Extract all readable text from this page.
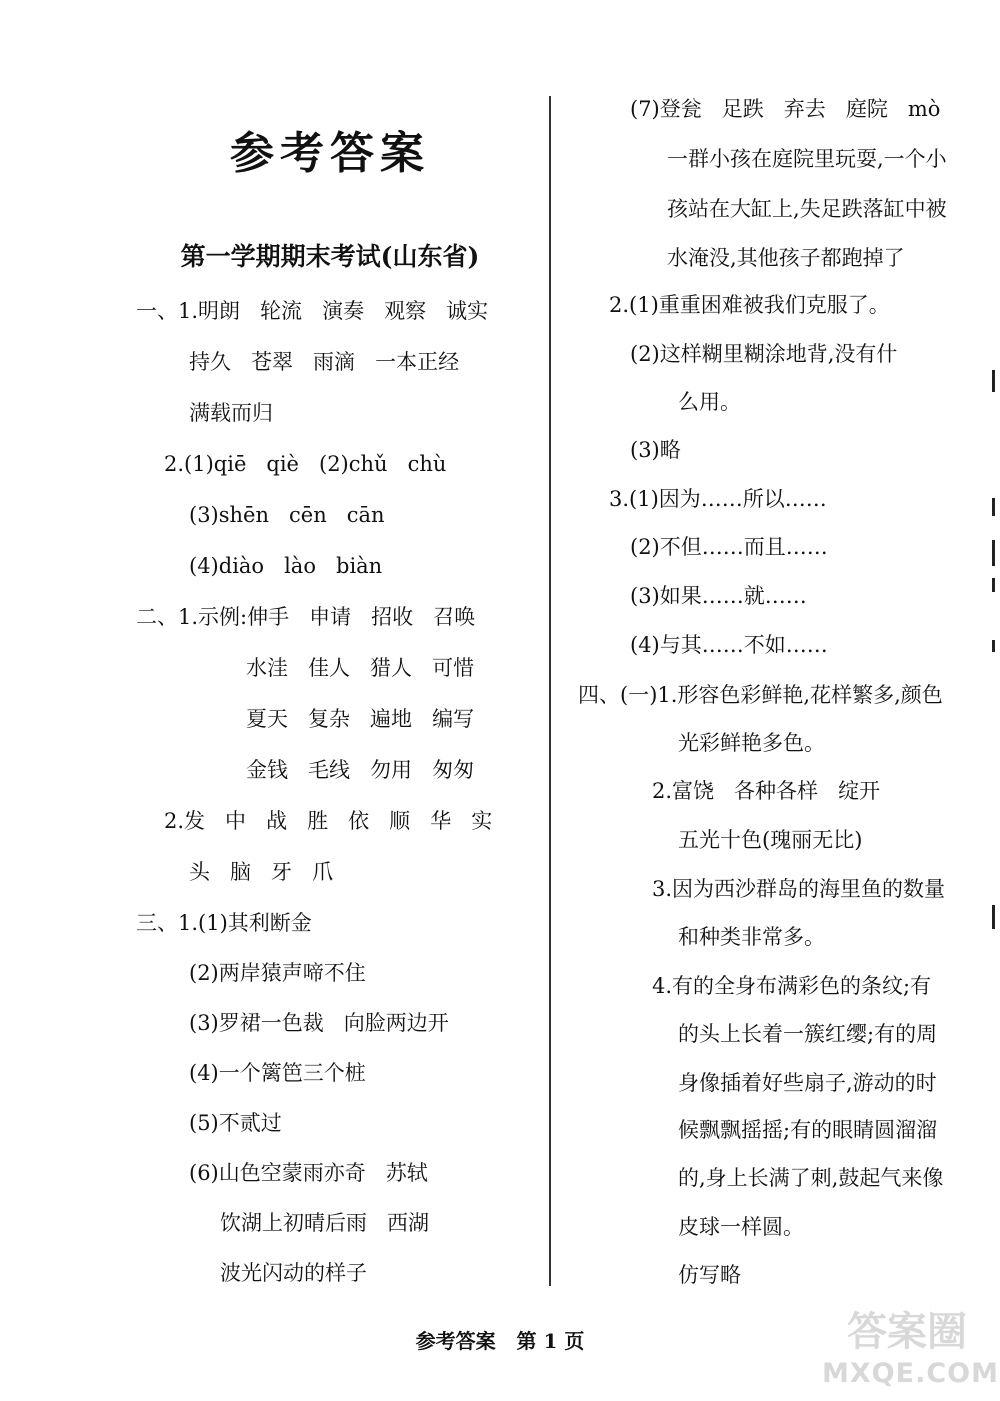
参考答案
第一学期期末考试(山东省)
一、1.明朗   轮流   演奏   观察   诚实
持久   苍翠   雨滴   一本正经
满载而归
2.(1)qiē   qiè   (2)chǔ   chù
(3)shēn   cēn   cān
(4)diào   lào   biàn
二、1.示例:伸手   申请   招收   召唤
水洼   佳人   猎人   可惜
夏天   复杂   遍地   编写
金钱   毛线   勿用   匆匆
2.发   中   战   胜   依   顺   华   实
头   脑   牙   爪
三、1.(1)其利断金
(2)两岸猿声啼不住
(3)罗裙一色裁   向脸两边开
(4)一个篱笆三个桩
(5)不贰过
(6)山色空蒙雨亦奇   苏轼
饮湖上初晴后雨   西湖
波光闪动的样子
(7)登瓮   足跌   弃去   庭院   mò
一群小孩在庭院里玩耍,一个小
孩站在大缸上,失足跌落缸中被
水淹没,其他孩子都跑掉了
2.(1)重重困难被我们克服了。
(2)这样糊里糊涂地背,没有什
么用。
(3)略
3.(1)因为……所以……
(2)不但……而且……
(3)如果……就……
(4)与其……不如……
四、(一)1.形容色彩鲜艳,花样繁多,颜色
光彩鲜艳多色。
2.富饶   各种各样   绽开
五光十色(瑰丽无比)
3.因为西沙群岛的海里鱼的数量
和种类非常多。
4.有的全身布满彩色的条纹;有
的头上长着一簇红缨;有的周
身像插着好些扇子,游动的时
候飘飘摇摇;有的眼睛圆溜溜
的,身上长满了刺,鼓起气来像
皮球一样圆。
仿写略
参考答案   第 1 页	答案圈
MXQE.COM
